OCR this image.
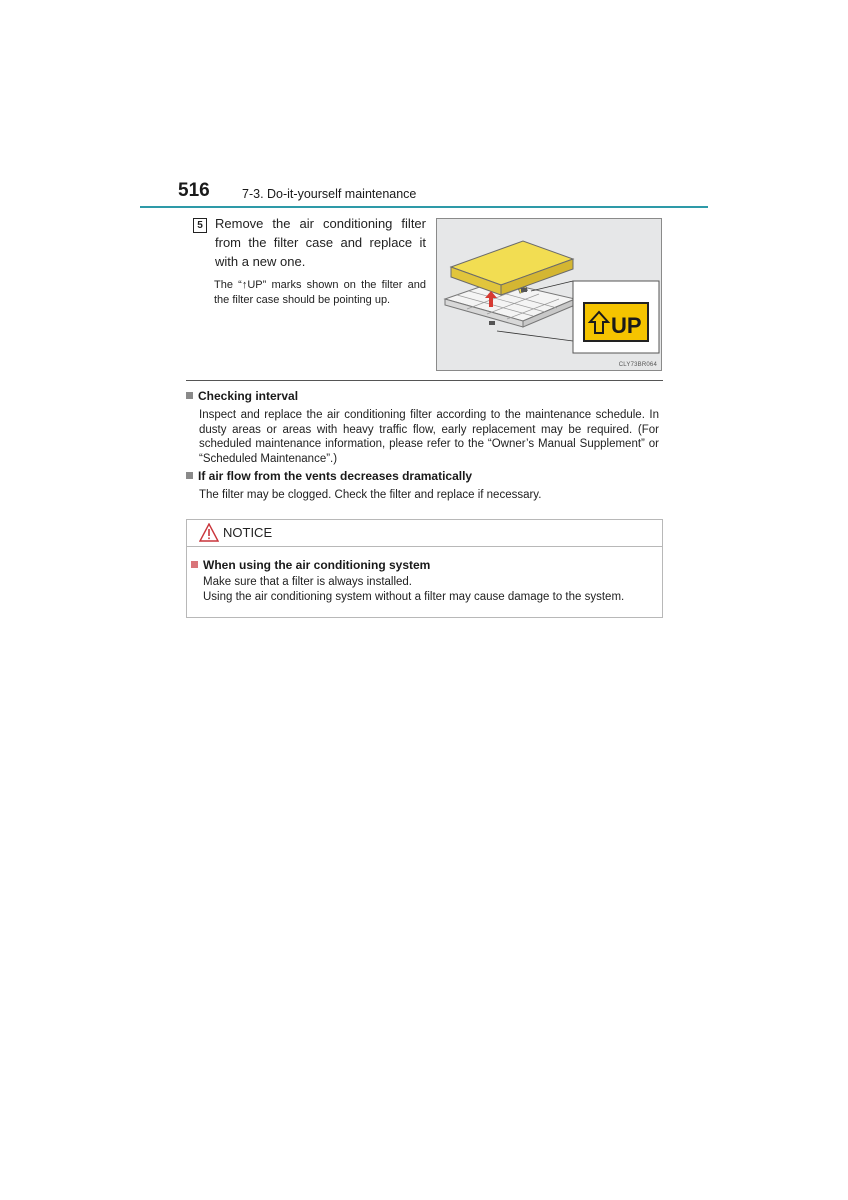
516	7-3. Do-it-yourself maintenance
5 Remove the air conditioning filter from the filter case and replace it with a new one.
The “↑UP” marks shown on the filter and the filter case should be pointing up.
UP
CLY73BR064
Checking interval
Inspect and replace the air conditioning filter according to the maintenance schedule. In dusty areas or areas with heavy traffic flow, early replacement may be required. (For scheduled maintenance information, please refer to the “Owner’s Manual Supplement” or “Scheduled Maintenance”.)
If air flow from the vents decreases dramatically
The filter may be clogged. Check the filter and replace if necessary.
NOTICE
When using the air conditioning system
Make sure that a filter is always installed.
Using the air conditioning system without a filter may cause damage to the system.
